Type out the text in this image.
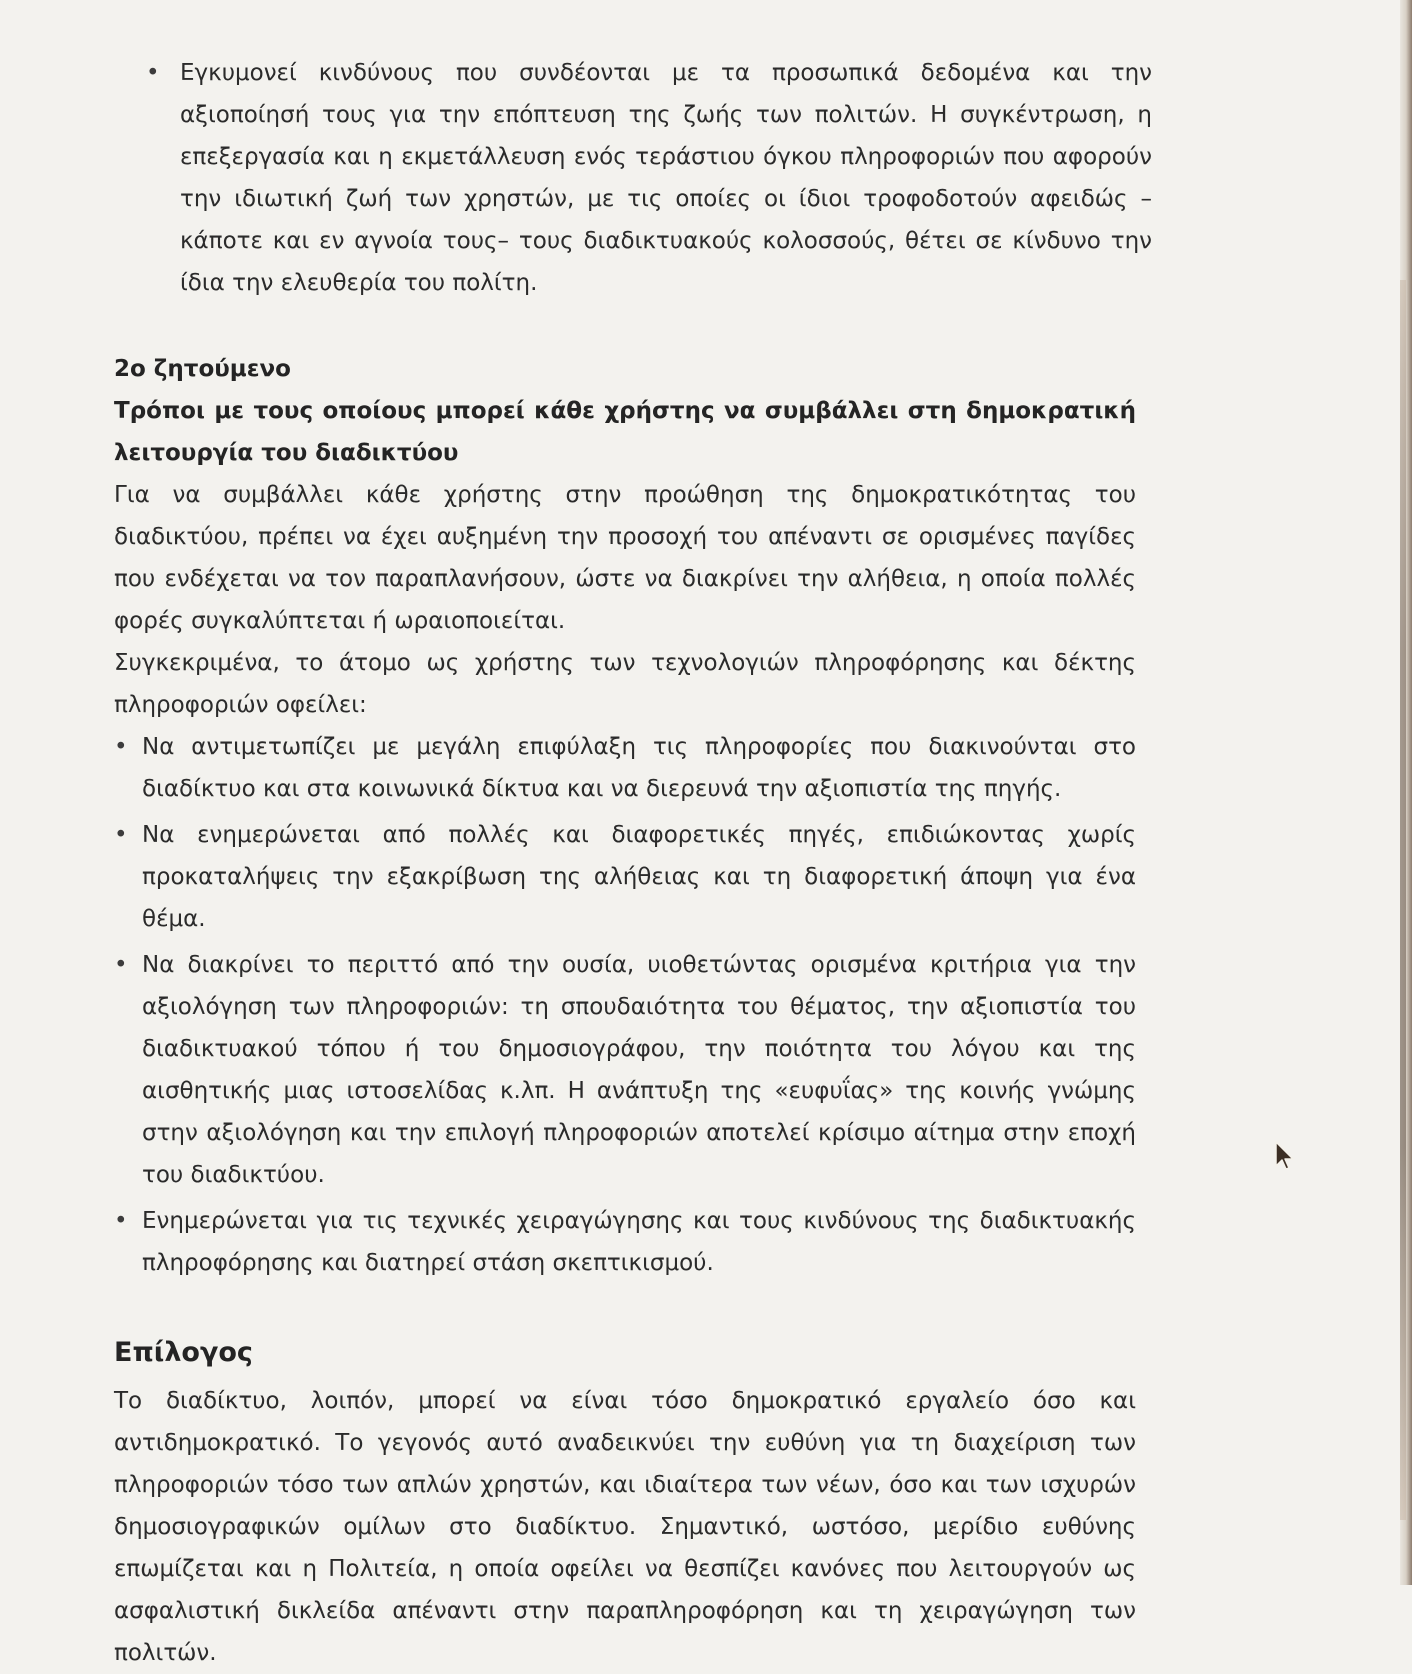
• Εγκυμονεί κινδύνους που συνδέονται με τα προσωπικά δεδομένα και την αξιοποίησή τους για την επόπτευση της ζωής των πολιτών. Η συγκέντρωση, η επεξεργασία και η εκμετάλλευση ενός τεράστιου όγκου πληροφοριών που αφορούν την ιδιωτική ζωή των χρηστών, με τις οποίες οι ίδιοι τροφοδοτούν αφειδώς –κάποτε και εν αγνοία τους– τους διαδικτυακούς κολοσσούς, θέτει σε κίνδυνο την ίδια την ελευθερία του πολίτη.
2ο ζητούμενο
Τρόποι με τους οποίους μπορεί κάθε χρήστης να συμβάλλει στη δημοκρατική λειτουργία του διαδικτύου
Για να συμβάλλει κάθε χρήστης στην προώθηση της δημοκρατικότητας του διαδικτύου, πρέπει να έχει αυξημένη την προσοχή του απέναντι σε ορισμένες παγίδες που ενδέχεται να τον παραπλανήσουν, ώστε να διακρίνει την αλήθεια, η οποία πολλές φορές συγκαλύπτεται ή ωραιοποιείται.
Συγκεκριμένα, το άτομο ως χρήστης των τεχνολογιών πληροφόρησης και δέκτης πληροφοριών οφείλει:
• Να αντιμετωπίζει με μεγάλη επιφύλαξη τις πληροφορίες που διακινούνται στο διαδίκτυο και στα κοινωνικά δίκτυα και να διερευνά την αξιοπιστία της πηγής.
• Να ενημερώνεται από πολλές και διαφορετικές πηγές, επιδιώκοντας χωρίς προκαταλήψεις την εξακρίβωση της αλήθειας και τη διαφορετική άποψη για ένα θέμα.
• Να διακρίνει το περιττό από την ουσία, υιοθετώντας ορισμένα κριτήρια για την αξιολόγηση των πληροφοριών: τη σπουδαιότητα του θέματος, την αξιοπιστία του διαδικτυακού τόπου ή του δημοσιογράφου, την ποιότητα του λόγου και της αισθητικής μιας ιστοσελίδας κ.λπ. Η ανάπτυξη της «ευφυΐας» της κοινής γνώμης στην αξιολόγηση και την επιλογή πληροφοριών αποτελεί κρίσιμο αίτημα στην εποχή του διαδικτύου.
• Ενημερώνεται για τις τεχνικές χειραγώγησης και τους κινδύνους της διαδικτυακής πληροφόρησης και διατηρεί στάση σκεπτικισμού.
Επίλογος
Το διαδίκτυο, λοιπόν, μπορεί να είναι τόσο δημοκρατικό εργαλείο όσο και αντιδημοκρατικό. Το γεγονός αυτό αναδεικνύει την ευθύνη για τη διαχείριση των πληροφοριών τόσο των απλών χρηστών, και ιδιαίτερα των νέων, όσο και των ισχυρών δημοσιογραφικών ομίλων στο διαδίκτυο. Σημαντικό, ωστόσο, μερίδιο ευθύνης επωμίζεται και η Πολιτεία, η οποία οφείλει να θεσπίζει κανόνες που λειτουργούν ως ασφαλιστική δικλείδα απέναντι στην παραπληροφόρηση και τη χειραγώγηση των πολιτών.
